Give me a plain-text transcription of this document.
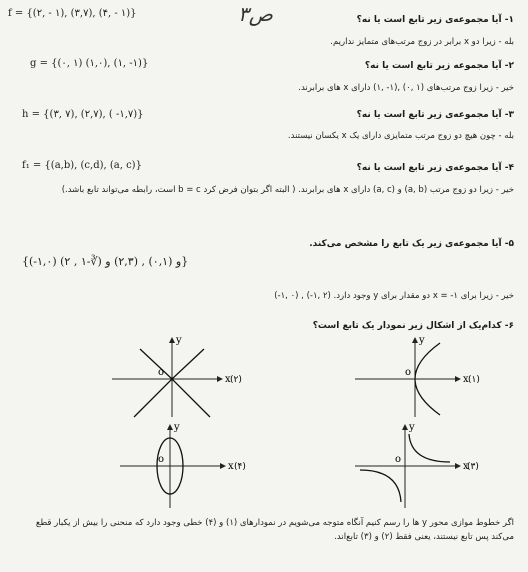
ص٣
f = {(۲, - ۱), (۳,۷), (۴, - ۱)}
۱- آیا مجموعه‌ی زیر تابع است یا نه؟
بله - زیرا دو x برابر در زوج مرتب‌های متمایز نداریم.
g = {(۰, ۱) (۱,۰), (۱, -۱)}	۲- آیا مجموعه زیر تابع است یا نه؟
خیر - زیرا زوج مرتب‌های (۱ ,۰) ,(۱- ,۱) دارای x های برابرند.
h = {(۳, ۷), (۲,۷), ( -۱,۷)}	۳- آیا مجموعه‌ی زیر تابع است یا نه؟
بله - چون هیچ دو زوج مرتب متمایزی دارای یک x یکسان نیستند.
f₁ = {(a,b), (c,d), (a, c)}	۴- آیا مجموعه‌ی زیر تابع است یا نه؟
خیر - زیرا دو زوج مرتب (a, b) و (a, c) دارای x های برابرند. ( البته اگر بتوان فرض کرد b = c است، رابطه می‌تواند تابع باشد.)
۵- آیا مجموعه‌ی زیر یک تابع را مشخص می‌کند.
{(-۱,۰) و (۰,۱) , (۲,۳) و (∛-۱ , ۲)}
خیر - زیرا برای x = -۱ دو مقدار برای y وجود دارد. (۲ ,۱-) , (۰ ,۱-)
۶- کدام‌یک از اشکال زیر نمودار یک تابع است؟
x
y
o
(۱)
x
y
o
(۲)
x
y
o
(۳)
x
y
o
(۴)
اگر خطوط موازی محور y ها را رسم کنیم آنگاه متوجه می‌شویم در نمودارهای (۱) و (۴) خطی وجود دارد که منحنی را بیش از یکبار قطع می‌کند پس تابع نیستند، یعنی فقط (۲) و (۳) تابع‌اند.
